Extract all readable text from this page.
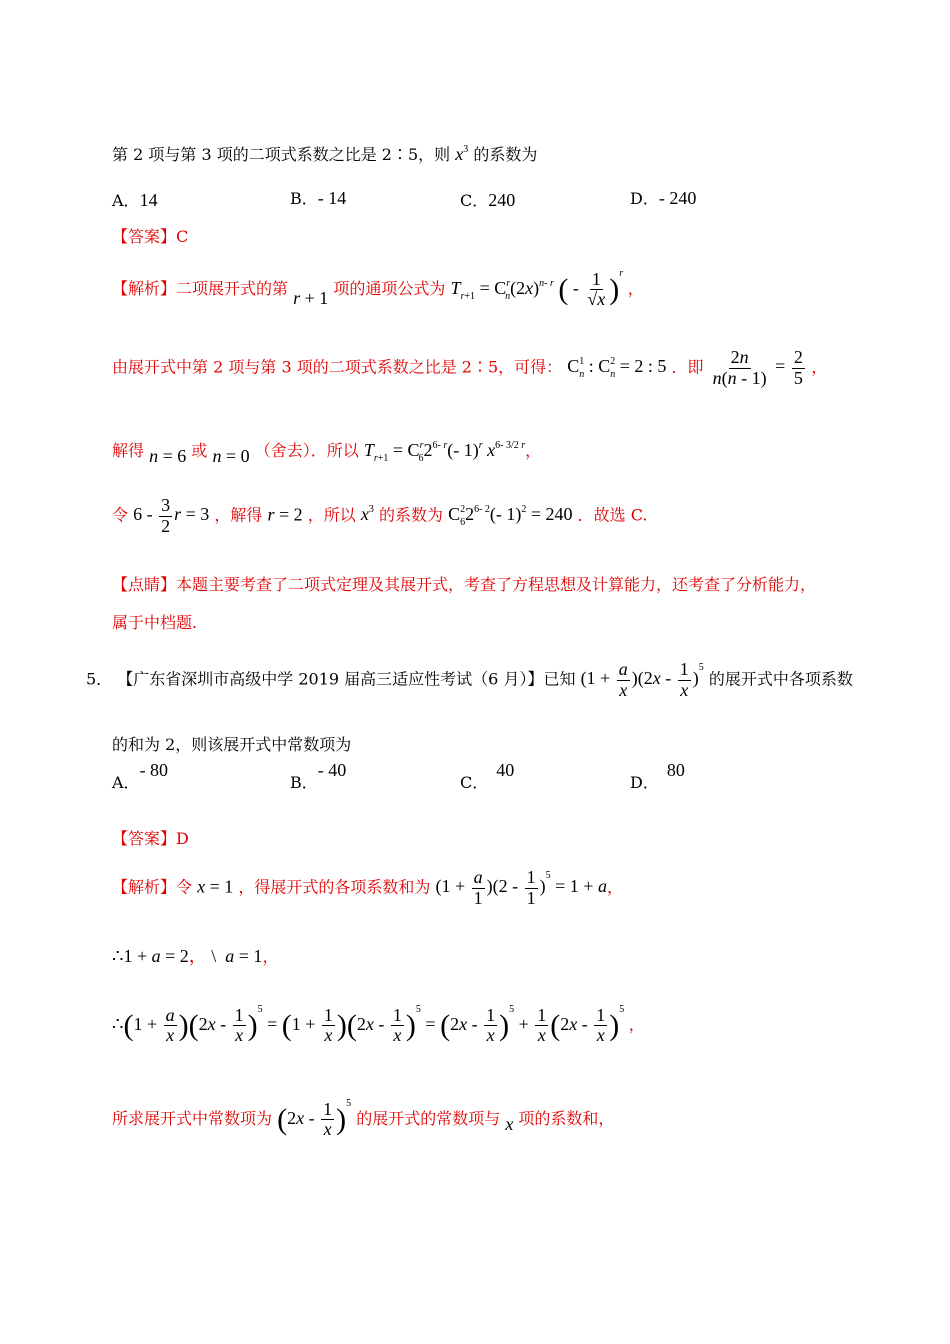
第 2 项与第 3 项的二项式系数之比是 2∶5，则 $x^3$ 的系数为
A．14	B．- 14	C．240	D．- 240
【答案】C
【解析】二项展开式的第 r + 1 项的通项公式为 $T_{r+1} = C^r_n(2x)^{n- r}$ ( - $\frac{1}{√x} )^r$ ，
由展开式中第 2 项与第 3 项的二项式系数之比是 2∶5，可得： $C^1_n$ : $C^2_n = 2$ : 5 ．即 $\frac{2n}{n(n - 1)} = \frac{2}{5}$ ，
解得 n = 6 或 n = 0 （舍去）．所以 $T_{r+1} = C^r_62^{6- r}(-$ 1)$^r$ $x^{6- 3/2 r}$，
令 $6 - \frac{3}{2}$ r = 3 ，解得 r = 2 ，所以 $x^3$ 的系数为 $C^2_62^{6- 2}(-$ 1)$^2$ = 240 ．故选 C.
【点睛】本题主要考查了二项式定理及其展开式，考查了方程思想及计算能力，还考查了分析能力，
属于中档题.
5． 【广东省深圳市高级中学 2019 届高三适应性考试（6 月）】已知 $(1 + \frac{a}{x} )(2x - \frac{1}{x} )^5$ 的展开式中各项系数
的和为 2，则该展开式中常数项为
A．- 80
B．- 40
C．40
D．80
【答案】D
【解析】令 x = 1 ，得展开式的各项系数和为 $(1 + \frac{a}{1} )(2 - \frac{1}{1} )^5 = 1 + a$，
∴1 + a = 2， \  a = 1，
∴(1 + $\frac{a}{x} )(2x - \frac{1}{x} )^5 = (1 + \frac{1}{x} )(2x - \frac{1}{x} )^5 = (2x - \frac{1}{x} )^5 + \frac{1}{x} (2x - \frac{1}{x} )^5$ ，
所求展开式中常数项为 $(2x - \frac{1}{x} )^5$ 的展开式的常数项与 x 项的系数和，
